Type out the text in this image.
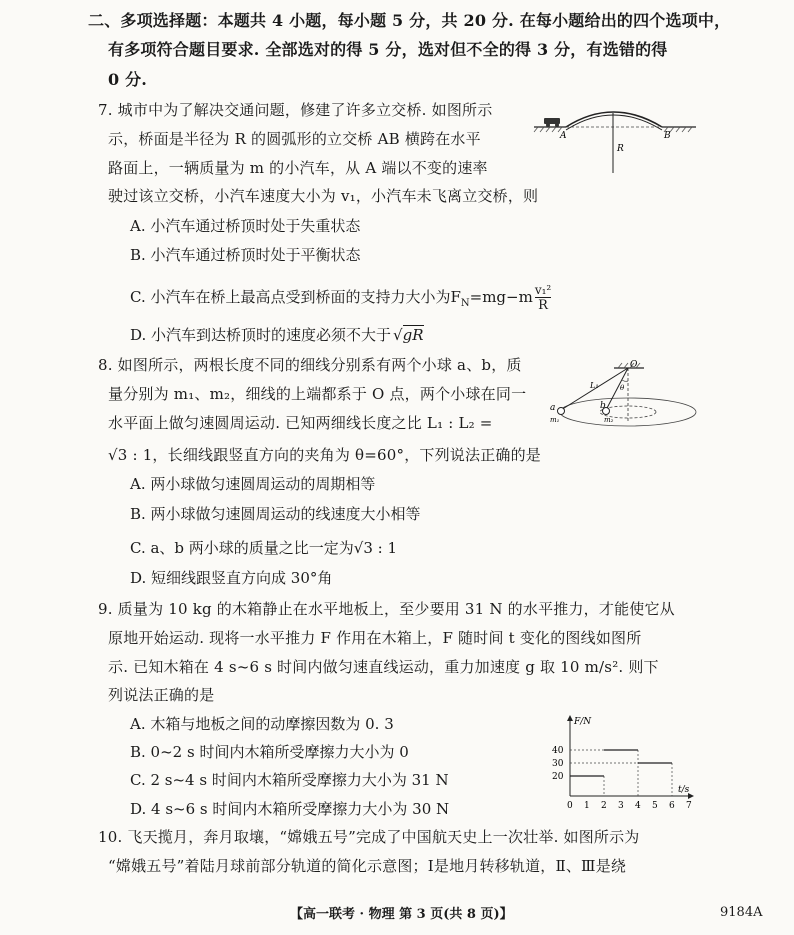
二、多项选择题：本题共 4 小题，每小题 5 分，共 20 分. 在每小题给出的四个选项中，
有多项符合题目要求. 全部选对的得 5 分，选对但不全的得 3 分，有选错的得
0 分.
7. 城市中为了解决交通问题，修建了许多立交桥. 如图所示
示，桥面是半径为 R 的圆弧形的立交桥 AB 横跨在水平
路面上，一辆质量为 m 的小汽车，从 A 端以不变的速率
驶过该立交桥，小汽车速度大小为 v₁，小汽车未飞离立交桥，则
A. 小汽车通过桥顶时处于失重状态
B. 小汽车通过桥顶时处于平衡状态
C. 小汽车在桥上最高点受到桥面的支持力大小为$F_N=mg-m \frac{\text{v₁²}}{R}$
D. 小汽车到达桥顶时的速度必须不大于 √gR
A	B
R
8. 如图所示，两根长度不同的细线分别系有两个小球 a、b，质
量分别为 m₁、m₂，细线的上端都系于 O 点，两个小球在同一
水平面上做匀速圆周运动. 已知两细线长度之比 L₁ : L₂ =
√3 : 1，长细线跟竖直方向的夹角为 θ=60°，下列说法正确的是
A. 两小球做匀速圆周运动的周期相等
B. 两小球做匀速圆周运动的线速度大小相等
C. a、b 两小球的质量之比一定为√3 : 1
D. 短细线跟竖直方向成 30°角
O
L₁
a	b
m₁	m₂
θ
9. 质量为 10 kg 的木箱静止在水平地板上，至少要用 31 N 的水平推力，才能使它从
原地开始运动. 现将一水平推力 F 作用在木箱上，F 随时间 t 变化的图线如图所
示. 已知木箱在 4 s~6 s 时间内做匀速直线运动，重力加速度 g 取 10 m/s². 则下
列说法正确的是
A. 木箱与地板之间的动摩擦因数为 0. 3
B. 0~2 s 时间内木箱所受摩擦力大小为 0
C. 2 s~4 s 时间内木箱所受摩擦力大小为 31 N
D. 4 s~6 s 时间内木箱所受摩擦力大小为 30 N
F/N
t/s
40
30
20
0 1 2 3 4 5 6 7
10. 飞天揽月，奔月取壤，“嫦娥五号”完成了中国航天史上一次壮举. 如图所示为
“嫦娥五号”着陆月球前部分轨道的简化示意图；Ⅰ是地月转移轨道，Ⅱ、Ⅲ是绕
【高一联考 · 物理 第 3 页(共 8 页)】	9184A
